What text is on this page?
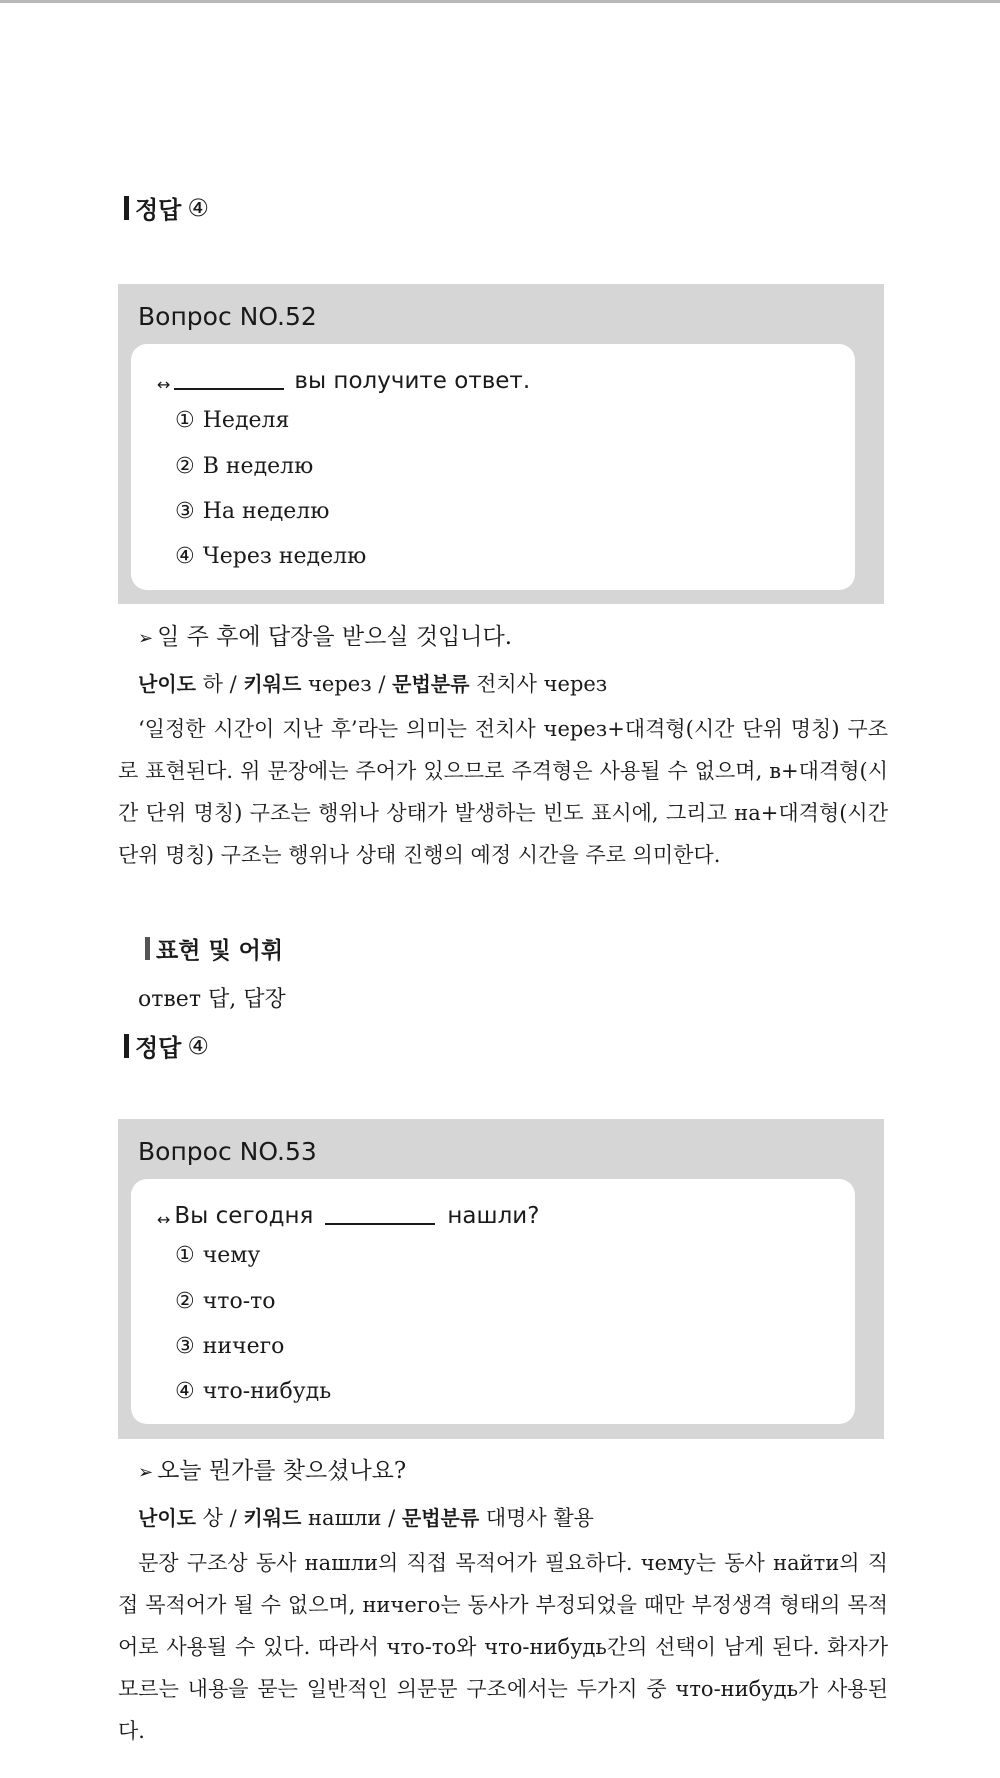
정답 ④
Вопрос NO.52
↔	вы получите ответ.
① Неделя
② В неделю
③ На неделю
④ Через неделю
➢ 일 주 후에 답장을 받으실 것입니다.
난이도 하 / 키워드 через / 문법분류 전치사 через
‘일정한 시간이 지난 후’라는 의미는 전치사 через+대격형(시간 단위 명칭) 구조로 표현된다. 위 문장에는 주어가 있으므로 주격형은 사용될 수 없으며, в+대격형(시간 단위 명칭) 구조는 행위나 상태가 발생하는 빈도 표시에, 그리고 на+대격형(시간 단위 명칭) 구조는 행위나 상태 진행의 예정 시간을 주로 의미한다.
표현 및 어휘
ответ 답, 답장
정답 ④
Вопрос NO.53
↔ Вы сегодня	нашли?
① чему
② что-то
③ ничего
④ что-нибудь
➢ 오늘 뭔가를 찾으셨나요?
난이도 상 / 키워드 нашли / 문법분류 대명사 활용
문장 구조상 동사 нашли의 직접 목적어가 필요하다. чему는 동사 найти의 직접 목적어가 될 수 없으며, ничего는 동사가 부정되었을 때만 부정생격 형태의 목적어로 사용될 수 있다. 따라서 что-то와 что-нибудь간의 선택이 남게 된다. 화자가 모르는 내용을 묻는 일반적인 의문문 구조에서는 두가지 중 что-нибудь가 사용된다.
